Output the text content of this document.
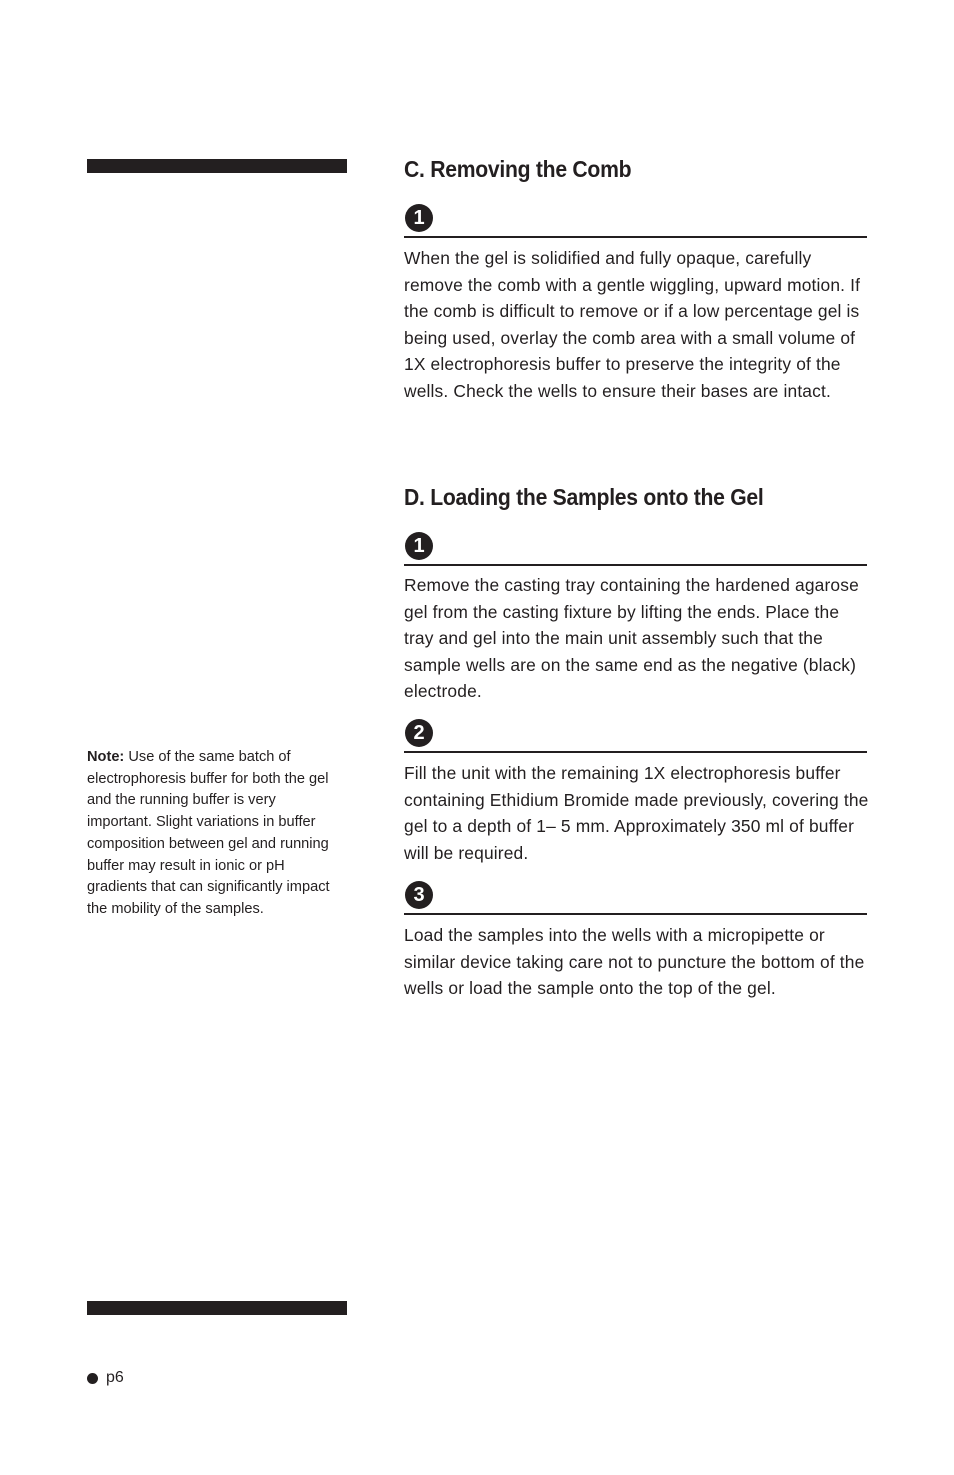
C. Removing the Comb
1

When the gel is solidified and fully opaque, carefully remove the comb with a gentle wiggling, upward motion. If the comb is difficult to remove or if a low percentage gel is being used, overlay the comb area with a small volume of 1X electrophoresis buffer to preserve the integrity of the wells. Check the wells to ensure their bases are intact.

D. Loading the Samples onto the Gel
1

Remove the casting tray containing the hardened agarose gel from the casting fixture by lifting the ends. Place the tray and gel into the main unit assembly such that the sample wells are on the same end as the negative (black) electrode.

2

Fill the unit with the remaining 1X electrophoresis buffer containing Ethidium Bromide made previously, covering the gel to a depth of 1– 5 mm. Approximately 350 ml of buffer will be required.

3

Load the samples into the wells with a micropipette or similar device taking care not to puncture the bottom of the wells or load the sample onto the top of the gel.

Note: Use of the same batch of electrophoresis buffer for both the gel and the running buffer is very important. Slight variations in buffer composition between gel and running buffer may result in ionic or pH gradients that can significantly impact the mobility of the samples.

p6
